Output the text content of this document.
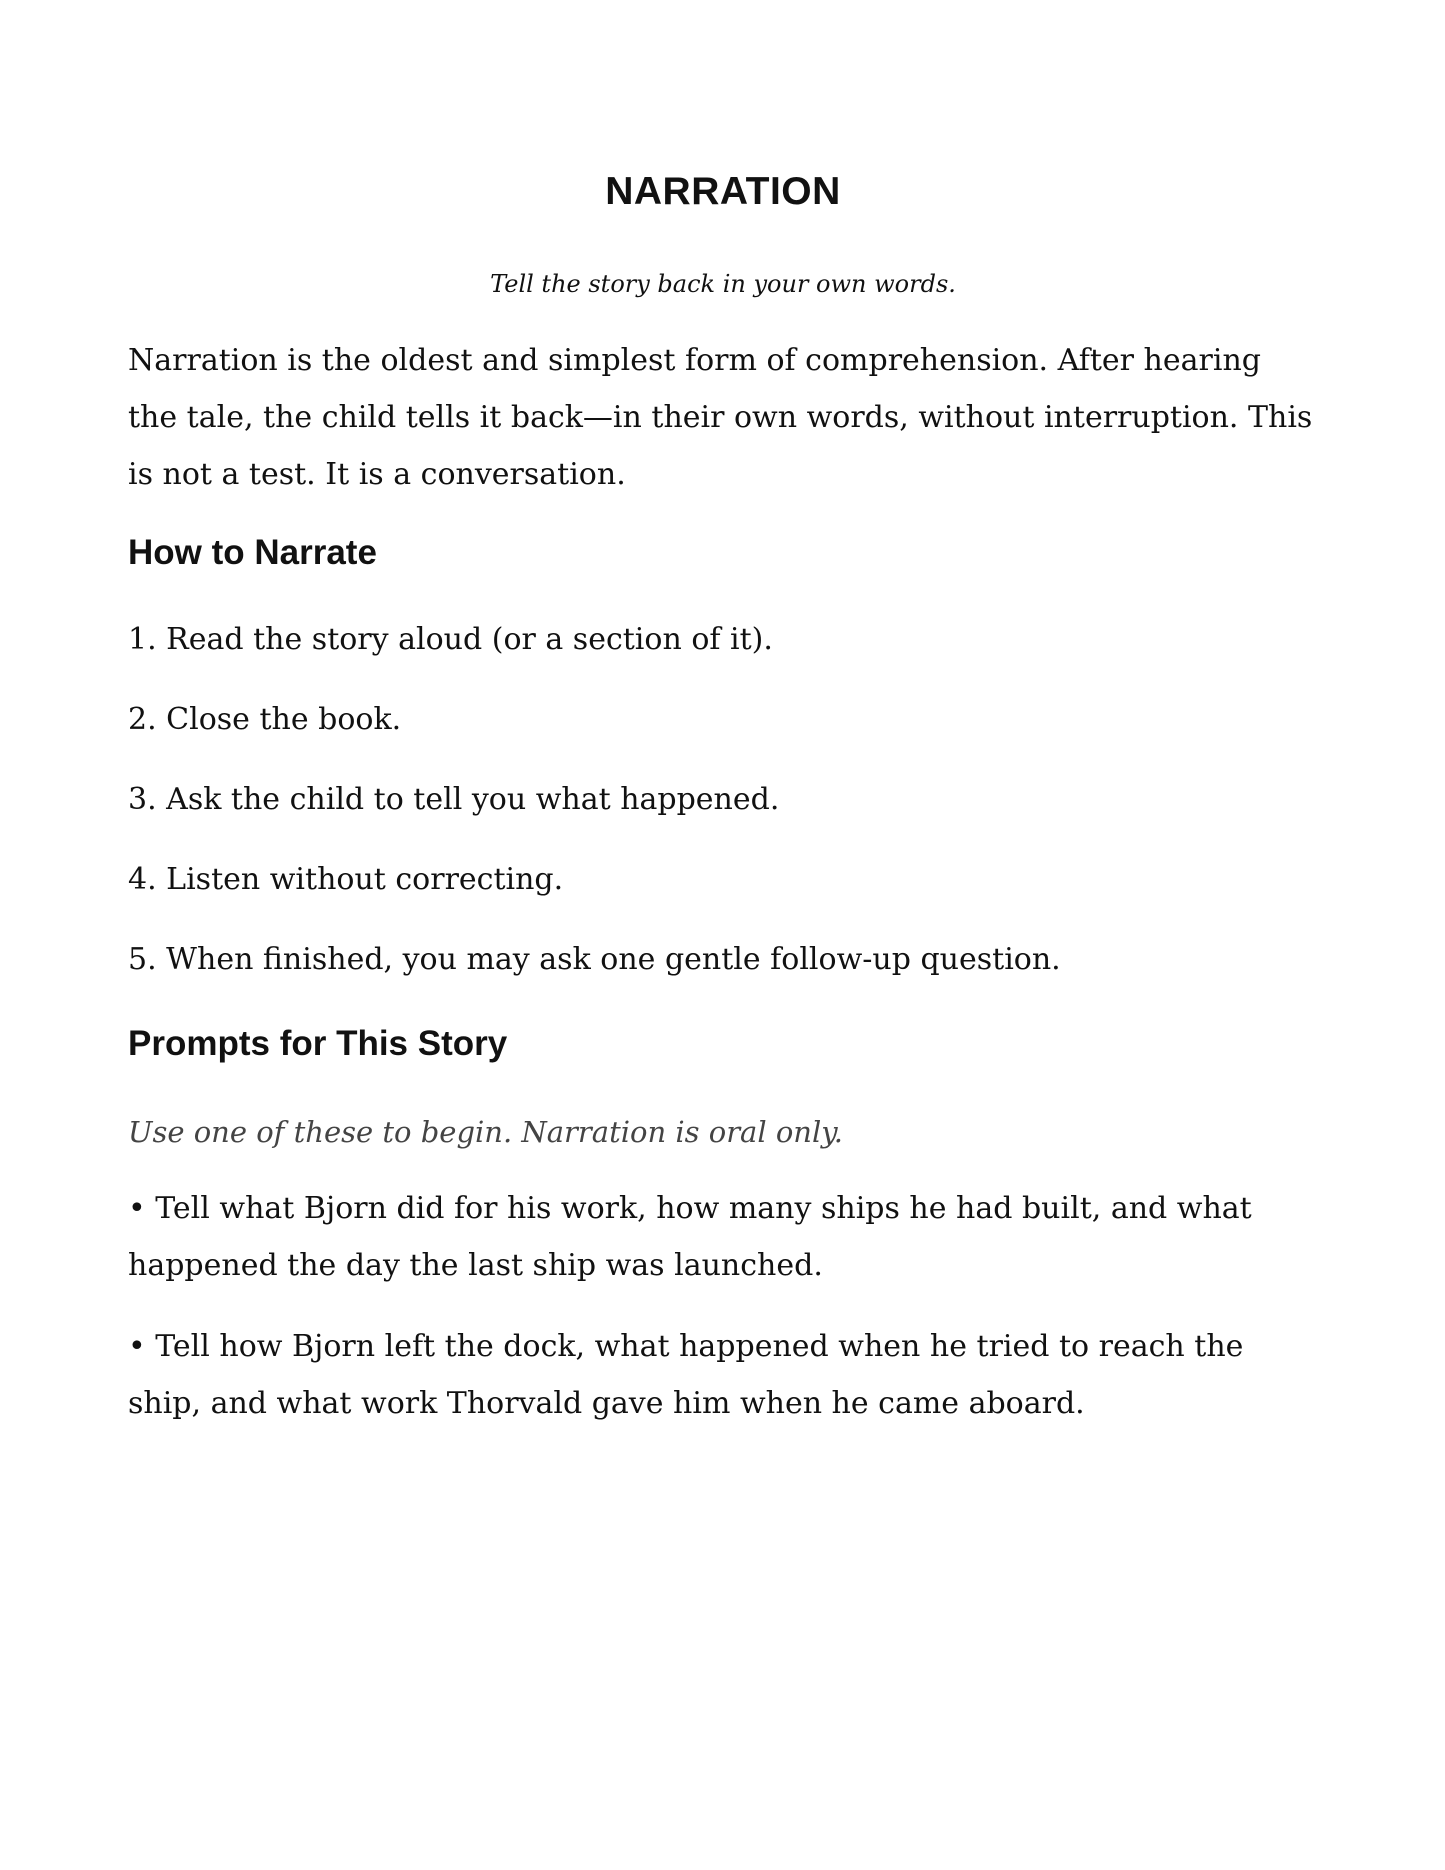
NARRATION

Tell the story back in your own words.

Narration is the oldest and simplest form of comprehension. After hearing the tale, the child tells it back—in their own words, without interruption. This is not a test. It is a conversation.

How to Narrate

1. Read the story aloud (or a section of it).

2. Close the book.

3. Ask the child to tell you what happened.

4. Listen without correcting.

5. When finished, you may ask one gentle follow-up question.

Prompts for This Story

Use one of these to begin. Narration is oral only.

• Tell what Bjorn did for his work, how many ships he had built, and what happened the day the last ship was launched.

• Tell how Bjorn left the dock, what happened when he tried to reach the ship, and what work Thorvald gave him when he came aboard.
